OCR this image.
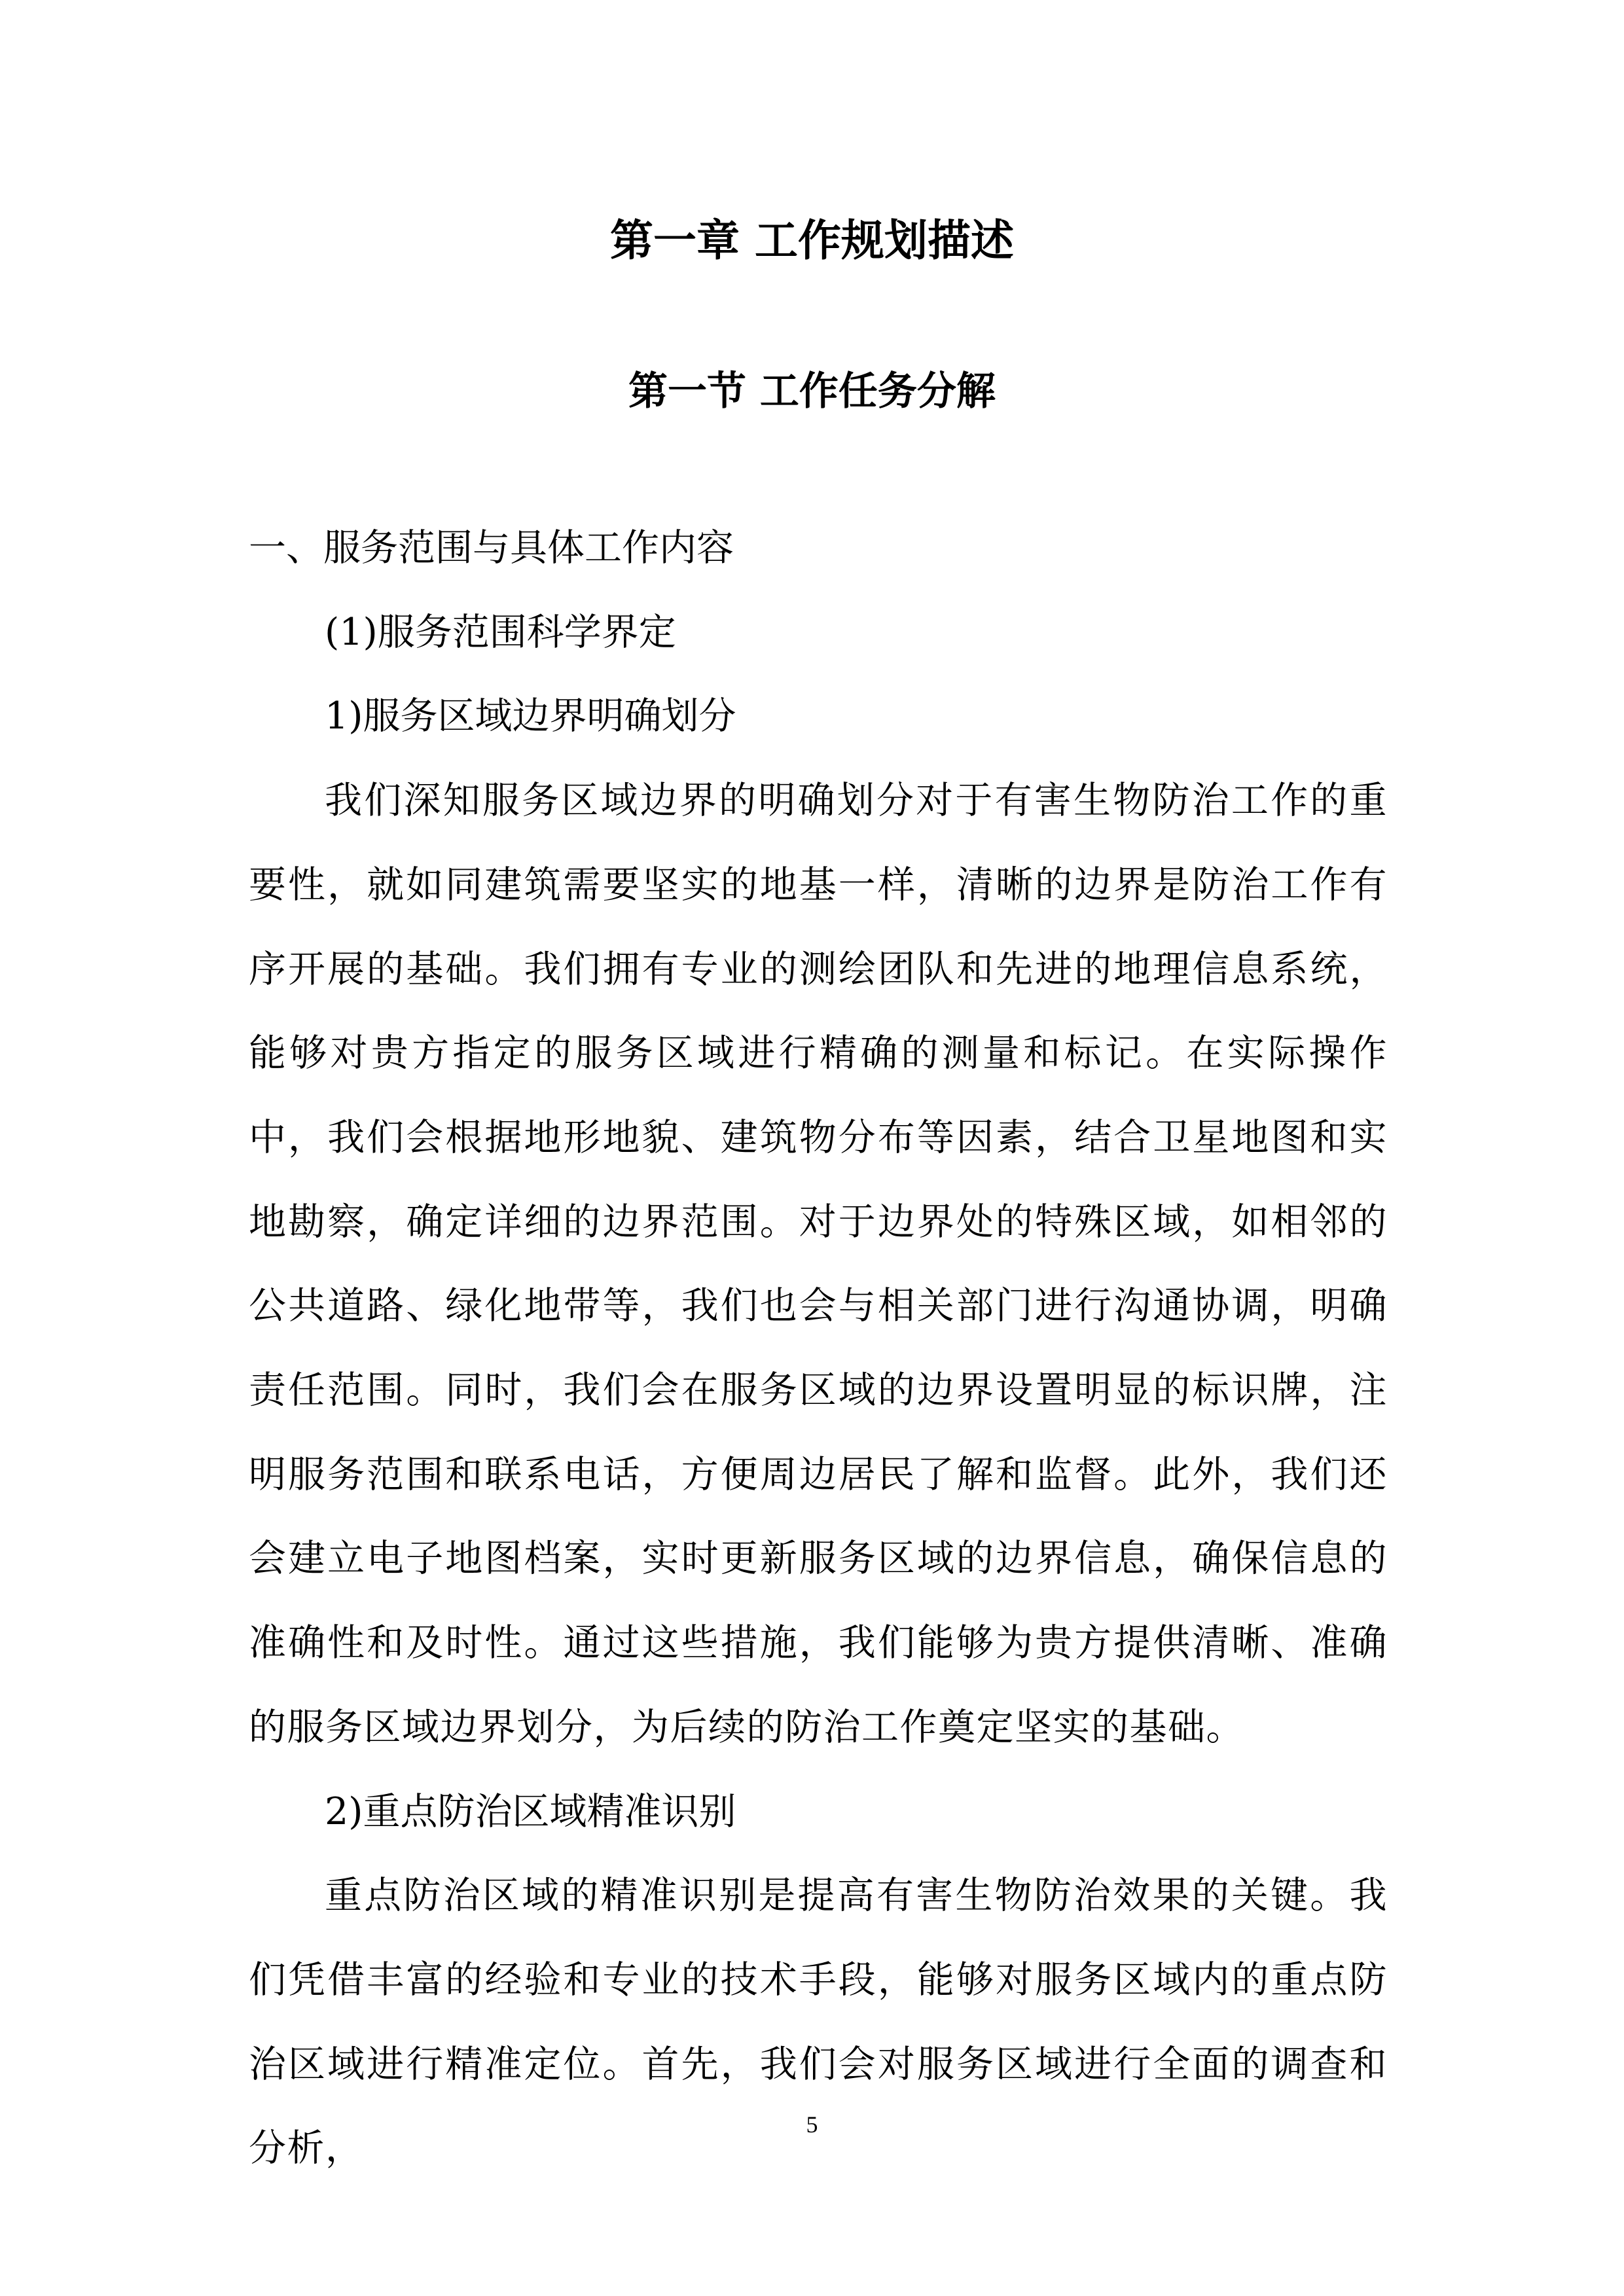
第一章 工作规划描述
第一节 工作任务分解

一、服务范围与具体工作内容

(1)服务范围科学界定

1)服务区域边界明确划分

我们深知服务区域边界的明确划分对于有害生物防治工作的重要性，就如同建筑需要坚实的地基一样，清晰的边界是防治工作有序开展的基础。我们拥有专业的测绘团队和先进的地理信息系统，能够对贵方指定的服务区域进行精确的测量和标记。在实际操作中，我们会根据地形地貌、建筑物分布等因素，结合卫星地图和实地勘察，确定详细的边界范围。对于边界处的特殊区域，如相邻的公共道路、绿化地带等，我们也会与相关部门进行沟通协调，明确责任范围。同时，我们会在服务区域的边界设置明显的标识牌，注明服务范围和联系电话，方便周边居民了解和监督。此外，我们还会建立电子地图档案，实时更新服务区域的边界信息，确保信息的准确性和及时性。通过这些措施，我们能够为贵方提供清晰、准确的服务区域边界划分，为后续的防治工作奠定坚实的基础。

2)重点防治区域精准识别

重点防治区域的精准识别是提高有害生物防治效果的关键。我们凭借丰富的经验和专业的技术手段，能够对服务区域内的重点防治区域进行精准定位。首先，我们会对服务区域进行全面的调查和分析，

5
